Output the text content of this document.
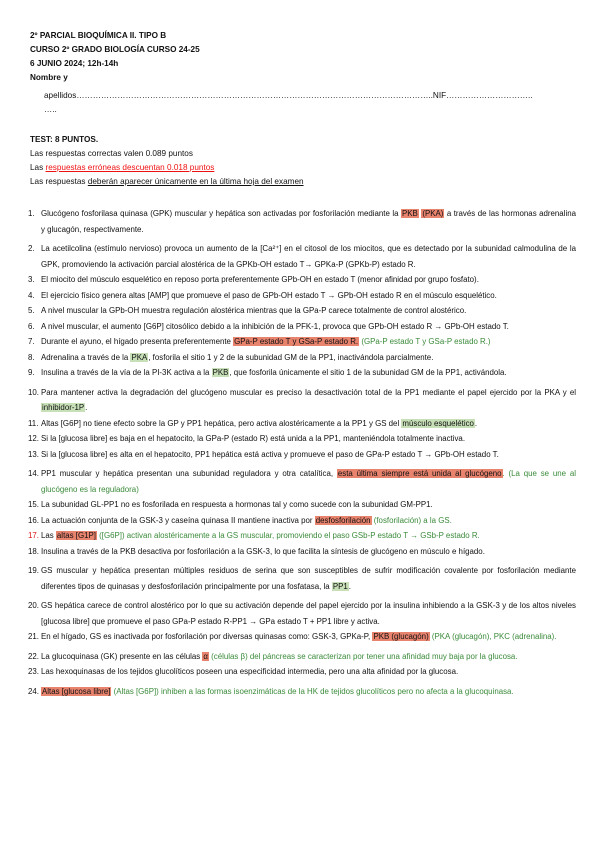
2º PARCIAL BIOQUÍMICA II. TIPO B
CURSO 2º GRADO BIOLOGÍA CURSO 24-25
6 JUNIO 2024; 12h-14h
Nombre y
apellidos…………………………………………………………………………………………………………………..NIF…………………………..
…..
TEST: 8 PUNTOS.
Las respuestas correctas valen 0.089 puntos
Las respuestas erróneas descuentan 0.018 puntos
Las respuestas deberán aparecer únicamente en la última hoja del examen
1. Glucógeno fosforilasa quinasa (GPK) muscular y hepática son activadas por fosforilación mediante la PKB (PKA) a través de las hormonas adrenalina y glucagón, respectivamente.
2. La acetilcolina (estímulo nervioso) provoca un aumento de la [Ca²⁺] en el citosol de los miocitos, que es detectado por la subunidad calmodulina de la GPK, promoviendo la activación parcial alostérica de la GPKb-OH estado T→ GPKa-P (GPKb-P) estado R.
3. El miocito del músculo esquelético en reposo porta preferentemente GPb-OH en estado T (menor afinidad por grupo fosfato).
4. El ejercicio físico genera altas [AMP] que promueve el paso de GPb-OH estado T → GPb-OH estado R en el músculo esquelético.
5. A nivel muscular la GPb-OH muestra regulación alostérica mientras que la GPa-P carece totalmente de control alostérico.
6. A nivel muscular, el aumento [G6P] citosólico debido a la inhibición de la PFK-1, provoca que GPb-OH estado R → GPb-OH estado T.
7. Durante el ayuno, el hígado presenta preferentemente GPa-P estado T y GSa-P estado R. (GPa-P estado T y GSa-P estado R.)
8. Adrenalina a través de la PKA, fosforila el sitio 1 y 2 de la subunidad GM de la PP1, inactivándola parcialmente.
9. Insulina a través de la vía de la PI-3K activa a la PKB, que fosforila únicamente el sitio 1 de la subunidad GM de la PP1, activándola.
10. Para mantener activa la degradación del glucógeno muscular es preciso la desactivación total de la PP1 mediante el papel ejercido por la PKA y el inhibidor-1P.
11. Altas [G6P] no tiene efecto sobre la GP y PP1 hepática, pero activa alostéricamente a la PP1 y GS del músculo esquelético.
12. Si la [glucosa libre] es baja en el hepatocito, la GPa-P (estado R) está unida a la PP1, manteniéndola totalmente inactiva.
13. Si la [glucosa libre] es alta en el hepatocito, PP1 hepática está activa y promueve el paso de GPa-P estado T → GPb-OH estado T.
14. PP1 muscular y hepática presentan una subunidad reguladora y otra catalítica, esta última siempre está unida al glucógeno. (La que se une al glucógeno es la reguladora)
15. La subunidad GL-PP1 no es fosforilada en respuesta a hormonas tal y como sucede con la subunidad GM-PP1.
16. La actuación conjunta de la GSK-3 y caseína quinasa II mantiene inactiva por desfosforilación (fosforilación) a la GS.
17. Las altas [G1P] ([G6P]) activan alostéricamente a la GS muscular, promoviendo el paso GSb-P estado T → GSb-P estado R.
18. Insulina a través de la PKB desactiva por fosforilación a la GSK-3, lo que facilita la síntesis de glucógeno en músculo e hígado.
19. GS muscular y hepática presentan múltiples residuos de serina que son susceptibles de sufrir modificación covalente por fosforilación mediante diferentes tipos de quinasas y desfosforilación principalmente por una fosfatasa, la PP1.
20. GS hepática carece de control alostérico por lo que su activación depende del papel ejercido por la insulina inhibiendo a la GSK-3 y de los altos niveles [glucosa libre] que promueve el paso GPa-P estado R-PP1 → GPa estado T + PP1 libre y activa.
21. En el hígado, GS es inactivada por fosforilación por diversas quinasas como: GSK-3, GPKa-P, PKB (glucagón) (PKA (glucagón), PKC (adrenalina).
22. La glucoquinasa (GK) presente en las células α (células β) del páncreas se caracterizan por tener una afinidad muy baja por la glucosa.
23. Las hexoquinasas de los tejidos glucolíticos poseen una especificidad intermedia, pero una alta afinidad por la glucosa.
24. Altas [glucosa libre] (Altas [G6P]) inhiben a las formas isoenzimáticas de la HK de tejidos glucolíticos pero no afecta a la glucoquinasa.
